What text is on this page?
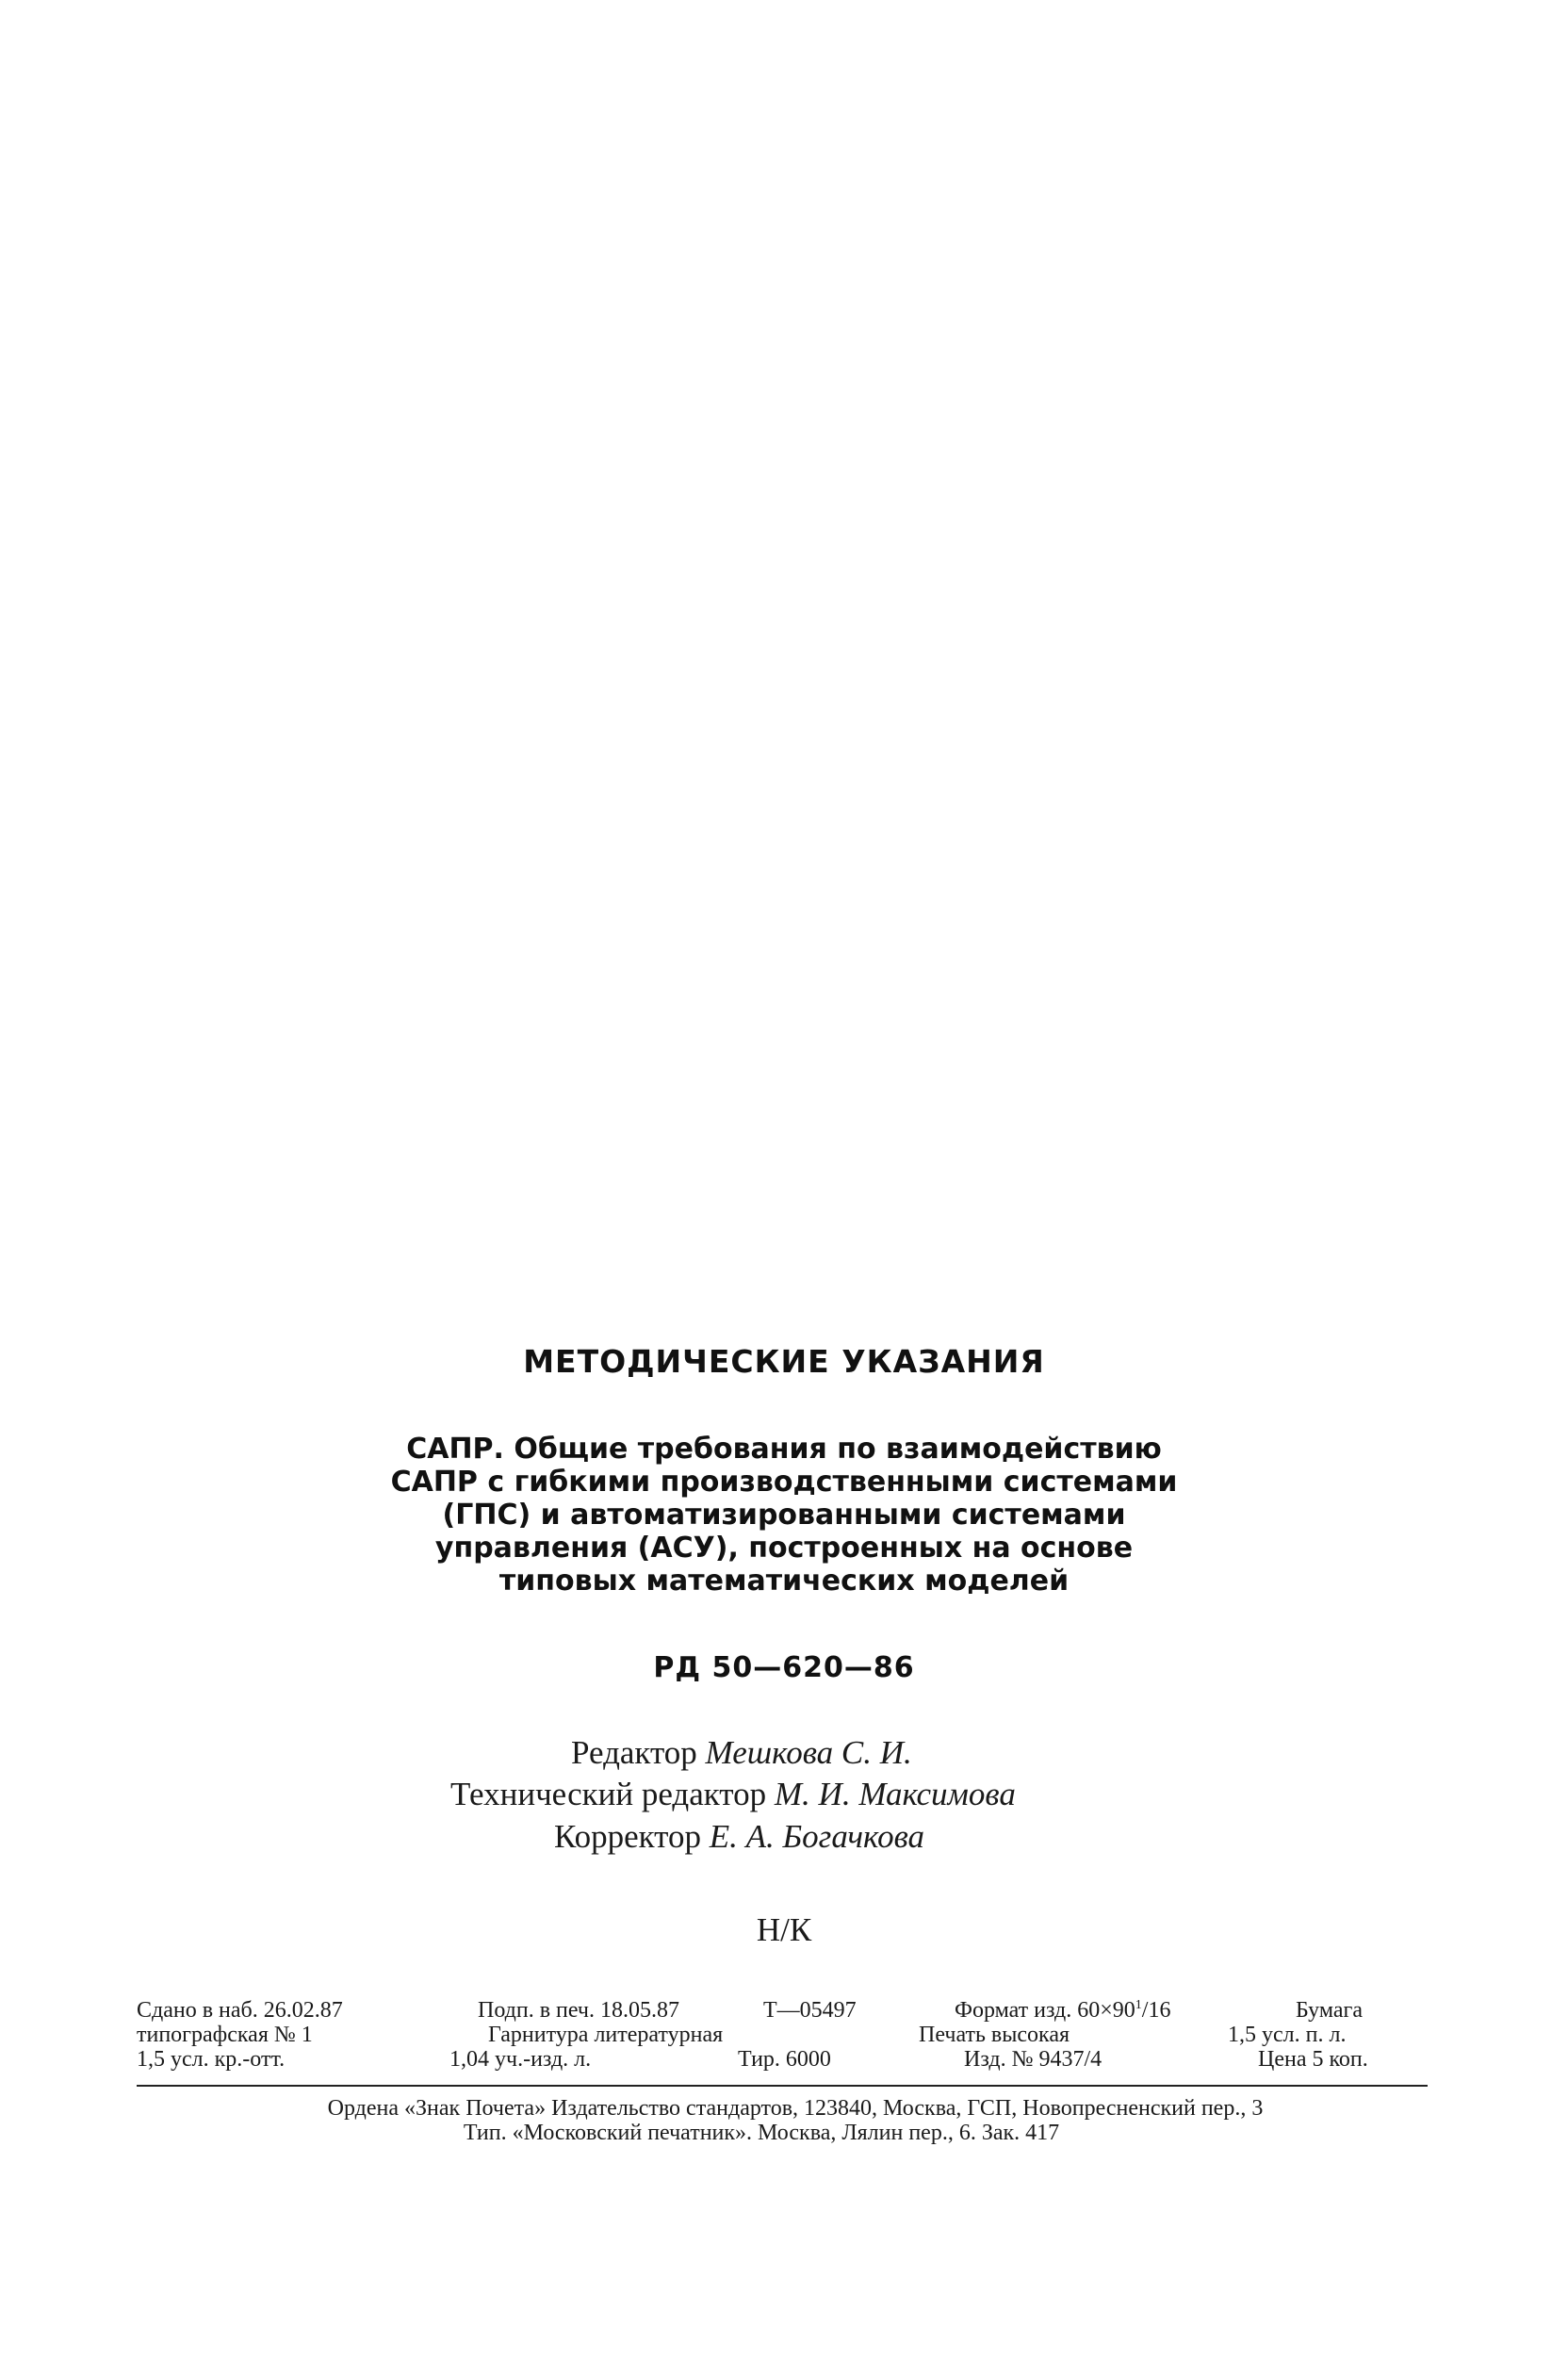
МЕТОДИЧЕСКИЕ УКАЗАНИЯ
САПР. Общие требования по взаимодействию
САПР с гибкими производственными системами
(ГПС) и автоматизированными системами
управления (АСУ), построенных на основе
типовых математических моделей
РД 50—620—86
Редактор Мешкова С. И.
Технический редактор М. И. Максимова
Корректор Е. А. Богачкова
Н/К
Сдано в наб. 26.02.87	Подп. в печ. 18.05.87	Т—05497	Формат изд. $60\times 90^1/16$	Бумага
типографская № 1	Гарнитура литературная	Печать высокая	1,5 усл. п. л.
1,5 усл. кр.-отт.	1,04 уч.-изд. л.	Тир. 6000	Изд. № 9437/4	Цена 5 коп.
Ордена «Знак Почета» Издательство стандартов, 123840, Москва, ГСП, Новопресненский пер., 3
Тип. «Московский печатник». Москва, Лялин пер., 6. Зак. 417
